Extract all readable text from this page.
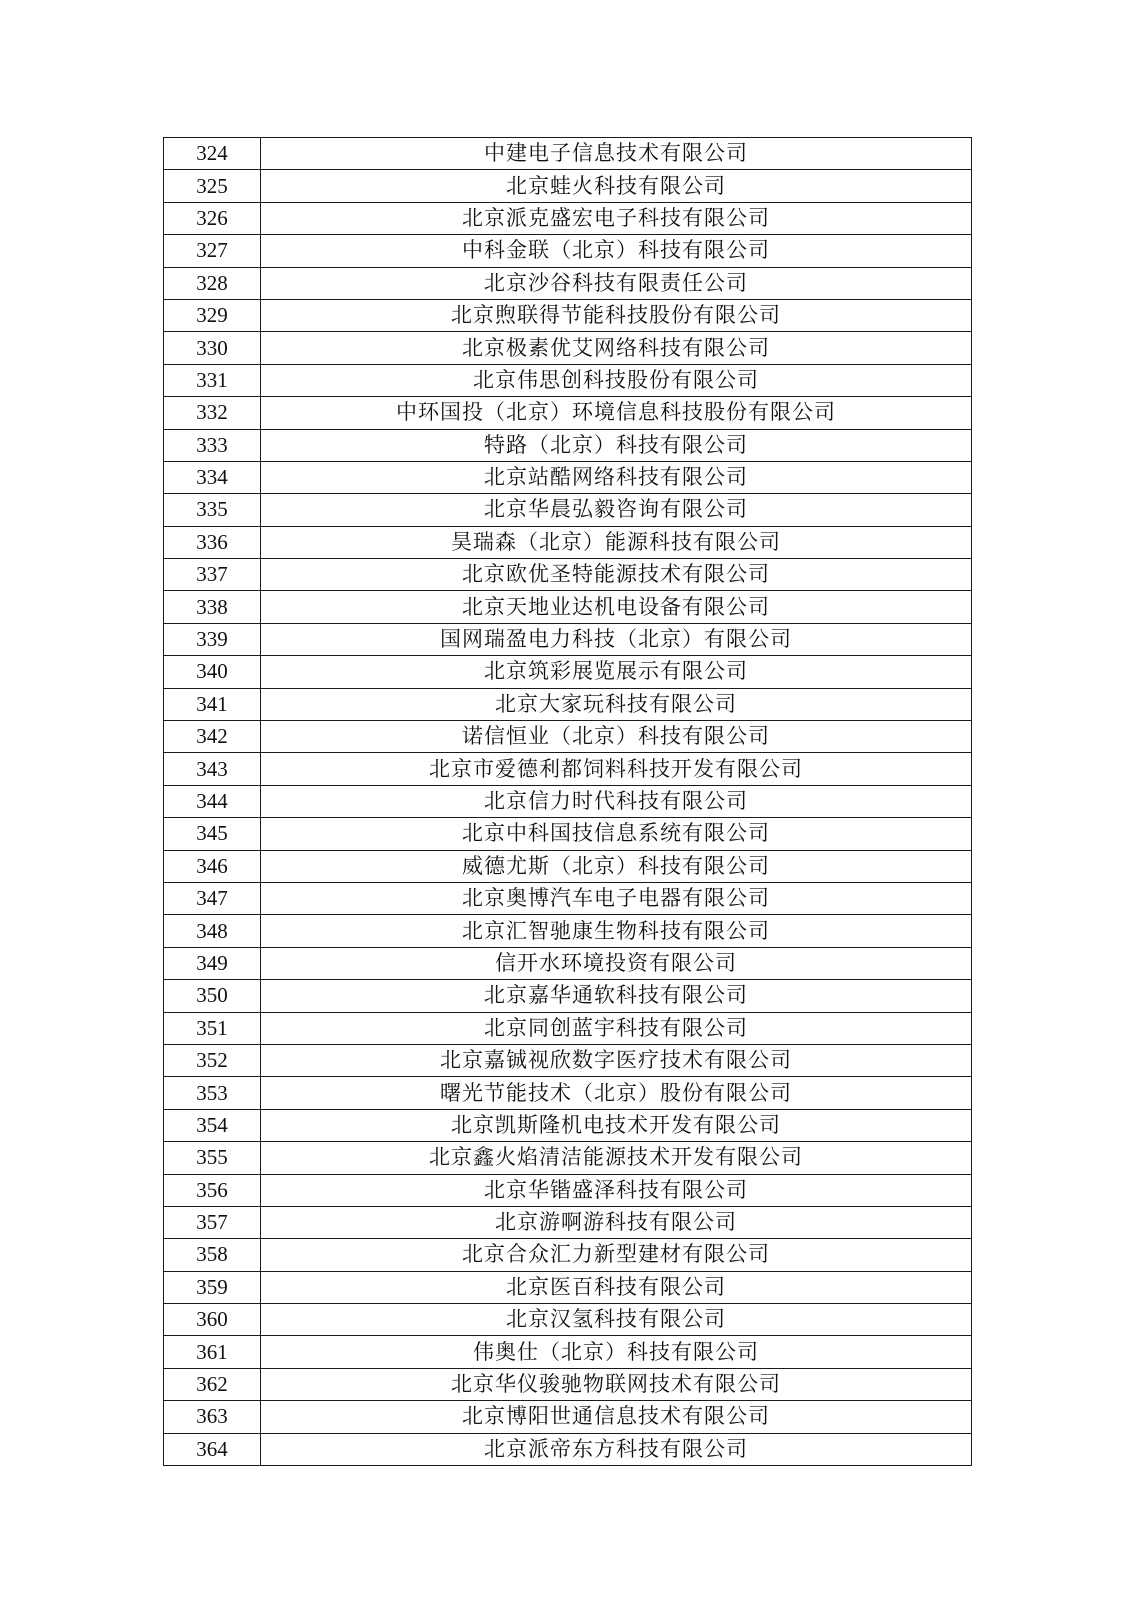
324	中建电子信息技术有限公司
325	北京蛙火科技有限公司
326	北京派克盛宏电子科技有限公司
327	中科金联（北京）科技有限公司
328	北京沙谷科技有限责任公司
329	北京煦联得节能科技股份有限公司
330	北京极素优艾网络科技有限公司
331	北京伟思创科技股份有限公司
332	中环国投（北京）环境信息科技股份有限公司
333	特路（北京）科技有限公司
334	北京站酷网络科技有限公司
335	北京华晨弘毅咨询有限公司
336	昊瑞森（北京）能源科技有限公司
337	北京欧优圣特能源技术有限公司
338	北京天地业达机电设备有限公司
339	国网瑞盈电力科技（北京）有限公司
340	北京筑彩展览展示有限公司
341	北京大家玩科技有限公司
342	诺信恒业（北京）科技有限公司
343	北京市爱德利都饲料科技开发有限公司
344	北京信力时代科技有限公司
345	北京中科国技信息系统有限公司
346	威德尤斯（北京）科技有限公司
347	北京奥博汽车电子电器有限公司
348	北京汇智驰康生物科技有限公司
349	信开水环境投资有限公司
350	北京嘉华通软科技有限公司
351	北京同创蓝宇科技有限公司
352	北京嘉铖视欣数字医疗技术有限公司
353	曙光节能技术（北京）股份有限公司
354	北京凯斯隆机电技术开发有限公司
355	北京鑫火焰清洁能源技术开发有限公司
356	北京华锴盛泽科技有限公司
357	北京游啊游科技有限公司
358	北京合众汇力新型建材有限公司
359	北京医百科技有限公司
360	北京汉氢科技有限公司
361	伟奥仕（北京）科技有限公司
362	北京华仪骏驰物联网技术有限公司
363	北京博阳世通信息技术有限公司
364	北京派帝东方科技有限公司
